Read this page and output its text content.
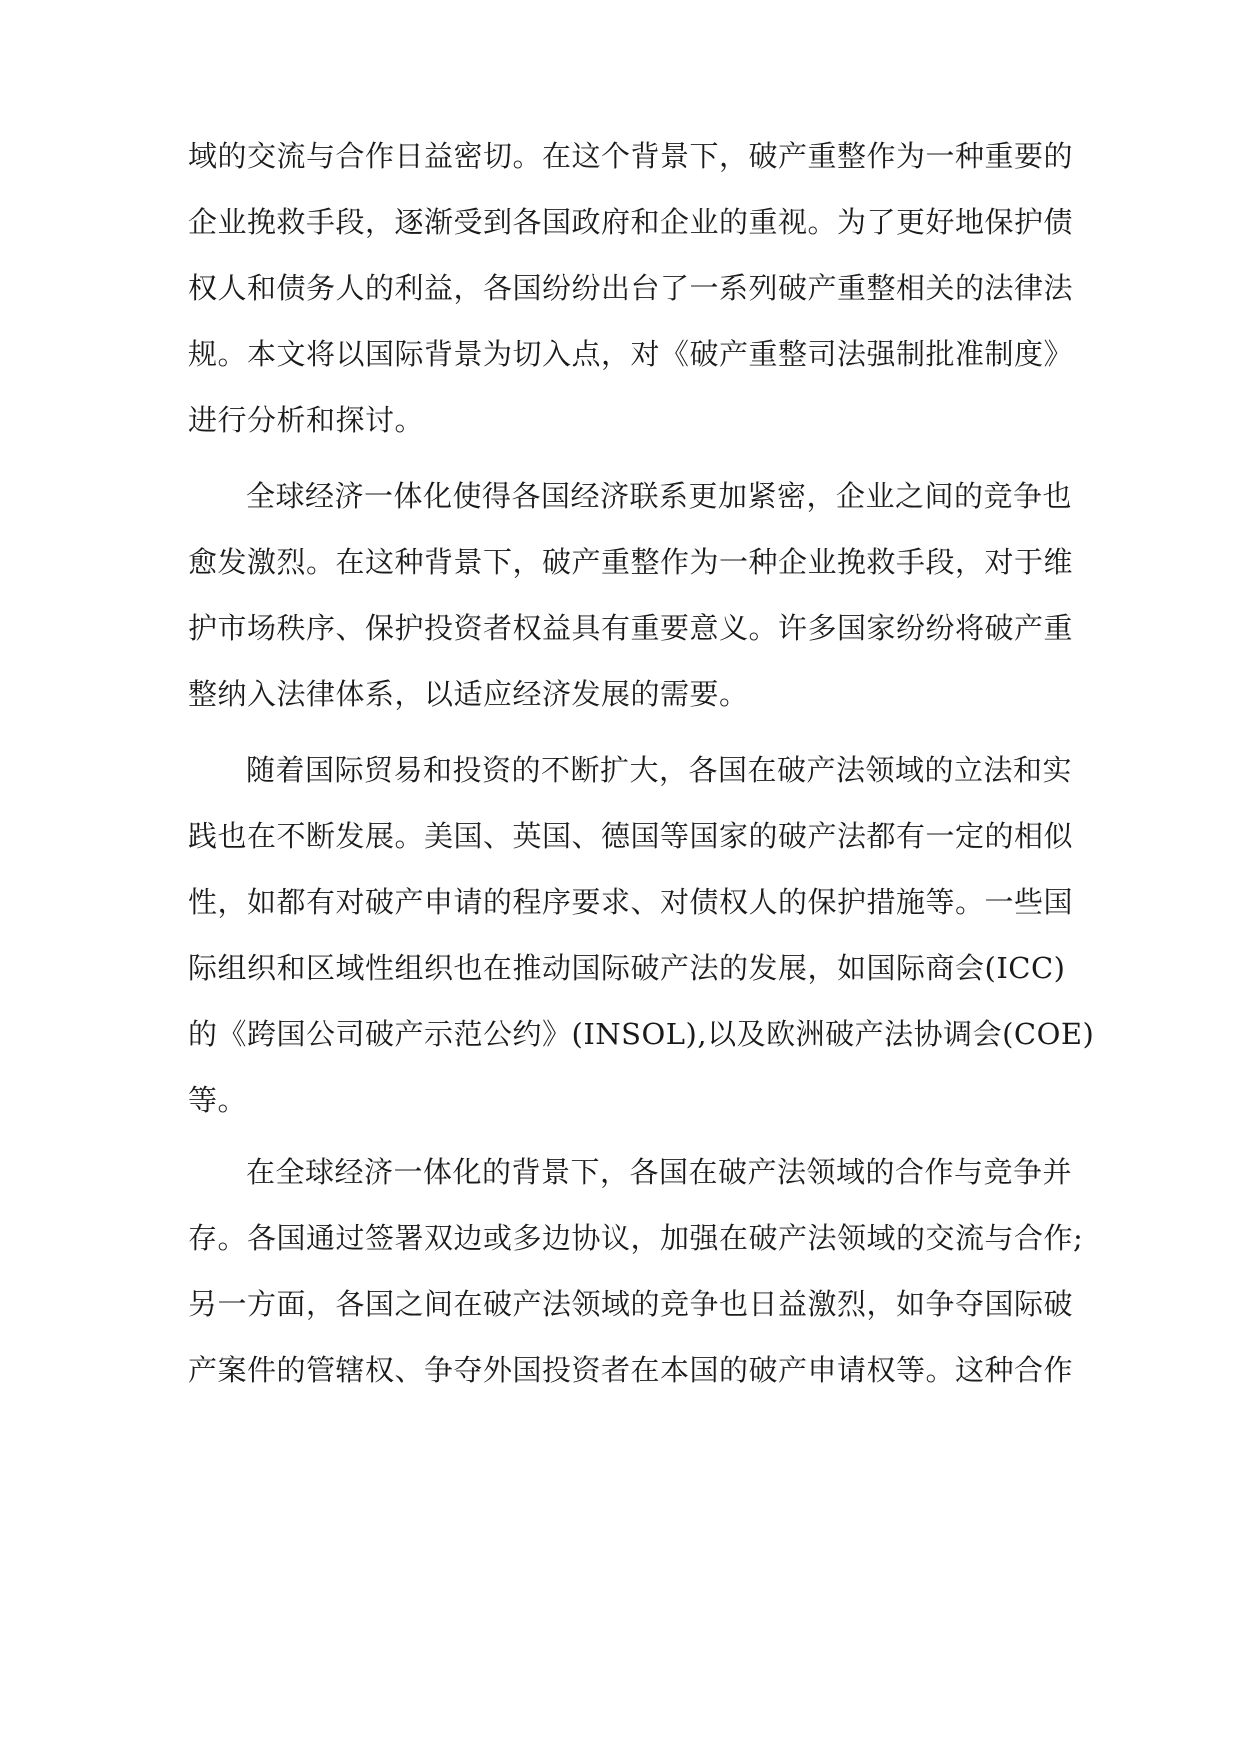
域的交流与合作日益密切。在这个背景下，破产重整作为一种重要的
企业挽救手段，逐渐受到各国政府和企业的重视。为了更好地保护债
权人和债务人的利益，各国纷纷出台了一系列破产重整相关的法律法
规。本文将以国际背景为切入点，对《破产重整司法强制批准制度》
进行分析和探讨。
全球经济一体化使得各国经济联系更加紧密，企业之间的竞争也
愈发激烈。在这种背景下，破产重整作为一种企业挽救手段，对于维
护市场秩序、保护投资者权益具有重要意义。许多国家纷纷将破产重
整纳入法律体系，以适应经济发展的需要。
随着国际贸易和投资的不断扩大，各国在破产法领域的立法和实
践也在不断发展。美国、英国、德国等国家的破产法都有一定的相似
性，如都有对破产申请的程序要求、对债权人的保护措施等。一些国
际组织和区域性组织也在推动国际破产法的发展，如国际商会(ICC)
的《跨国公司破产示范公约》(INSOL),以及欧洲破产法协调会(COE)
等。
在全球经济一体化的背景下，各国在破产法领域的合作与竞争并
存。各国通过签署双边或多边协议，加强在破产法领域的交流与合作;
另一方面，各国之间在破产法领域的竞争也日益激烈，如争夺国际破
产案件的管辖权、争夺外国投资者在本国的破产申请权等。这种合作
